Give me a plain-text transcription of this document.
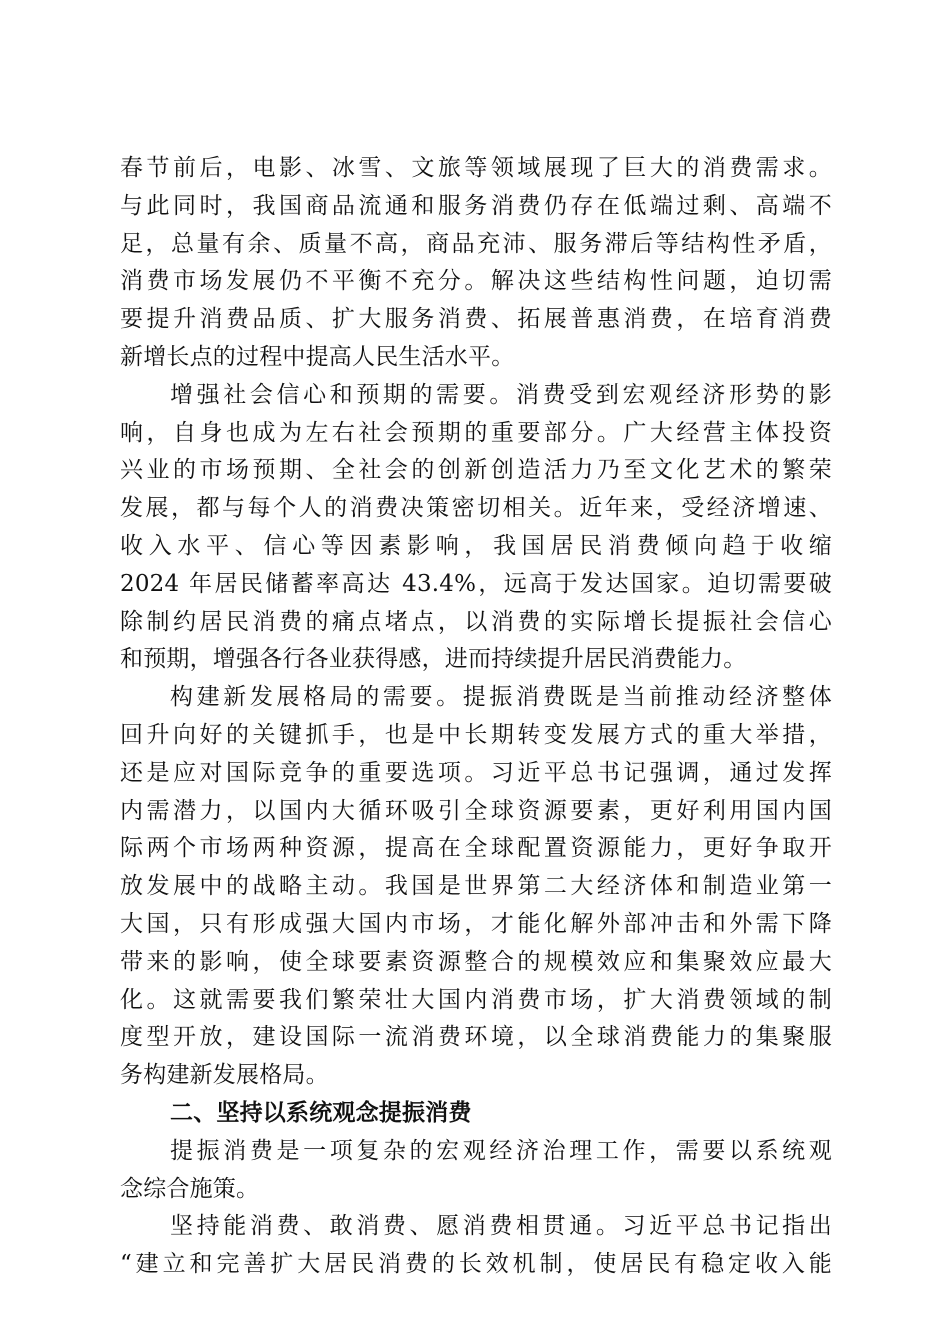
春节前后，电影、冰雪、文旅等领域展现了巨大的消费需求。
与此同时，我国商品流通和服务消费仍存在低端过剩、高端不
足，总量有余、质量不高，商品充沛、服务滞后等结构性矛盾，
消费市场发展仍不平衡不充分。解决这些结构性问题，迫切需
要提升消费品质、扩大服务消费、拓展普惠消费，在培育消费
新增长点的过程中提高人民生活水平。
增强社会信心和预期的需要。消费受到宏观经济形势的影
响，自身也成为左右社会预期的重要部分。广大经营主体投资
兴业的市场预期、全社会的创新创造活力乃至文化艺术的繁荣
发展，都与每个人的消费决策密切相关。近年来，受经济增速、
收入水平、信心等因素影响，我国居民消费倾向趋于收缩
2024 年居民储蓄率高达 43.4%，远高于发达国家。迫切需要破
除制约居民消费的痛点堵点，以消费的实际增长提振社会信心
和预期，增强各行各业获得感，进而持续提升居民消费能力。
构建新发展格局的需要。提振消费既是当前推动经济整体
回升向好的关键抓手，也是中长期转变发展方式的重大举措，
还是应对国际竞争的重要选项。习近平总书记强调，通过发挥
内需潜力，以国内大循环吸引全球资源要素，更好利用国内国
际两个市场两种资源，提高在全球配置资源能力，更好争取开
放发展中的战略主动。我国是世界第二大经济体和制造业第一
大国，只有形成强大国内市场，才能化解外部冲击和外需下降
带来的影响，使全球要素资源整合的规模效应和集聚效应最大
化。这就需要我们繁荣壮大国内消费市场，扩大消费领域的制
度型开放，建设国际一流消费环境，以全球消费能力的集聚服
务构建新发展格局。
二、坚持以系统观念提振消费
提振消费是一项复杂的宏观经济治理工作，需要以系统观
念综合施策。
坚持能消费、敢消费、愿消费相贯通。习近平总书记指出
“建立和完善扩大居民消费的长效机制，使居民有稳定收入能
